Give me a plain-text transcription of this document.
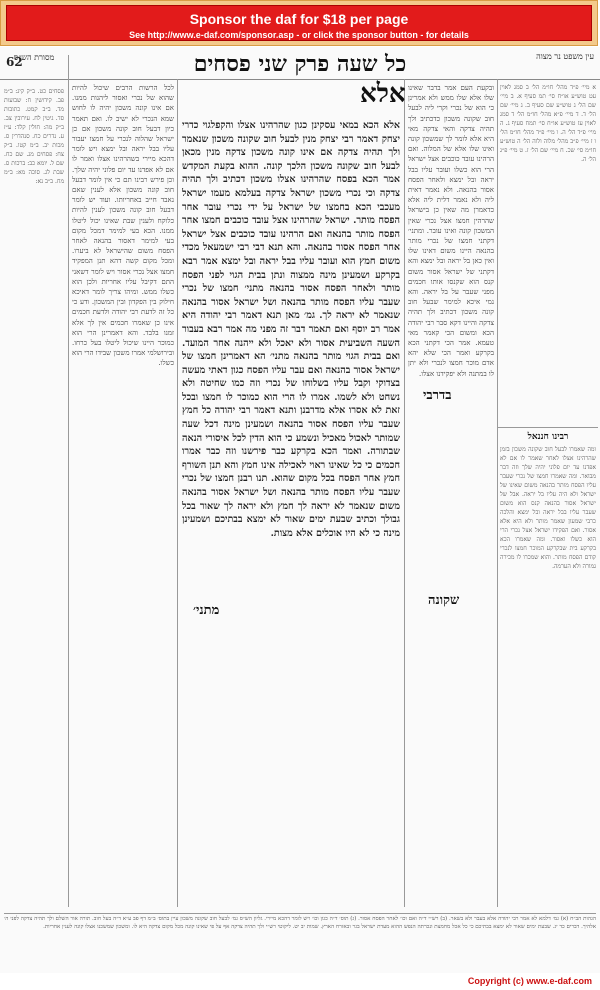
Sponsor the daf for $18 per page
See http://www.e-daf.com/sponsor.asp - or click the sponsor button - for details
62	כל שעה פרק שני פסחים	עין משפט נר מצוה
מסורת הש״ס
פסחים כט. ב״ק קיג: ב״מ פב. קידושין ח: שבועות מד. ב״ב קמט. כתובות סד. גיטין לח. עירובין צב. ב״ק מה: חולין קלד: ע״ז ע. נדרים כח. סנהדרין ס. מכות יב. ב״מ קטו. ב״ק צח: פסחים מג. שם כח. שם ל. יומא כב: ברכות ס. שבת לג. סוכה מא: ב״מ מח. ב״ב נא:
לכל הרשות הרבים שיכול להיות שהוא של נכרי ואסור ליהנות ממנו. אם אינו קונה משכון יהיה לו לחוש שמא הנכרי לא ישיב לו. ואם תאמר כיון דבעל חוב קונה משכון אם כן ישראל שהלוה לנכרי על חמצו יעבור עליו בבל יראה ובל ימצא ויש לומר דהכא מיירי בשהרהינו אצלו ואמר לו אם לא אפדנו עד יום פלוני יהיה שלך. וכן פירש רבינו תם כי אין לומר דבעל חוב קונה משכון אלא לענין שאם נאבד חייב באחריותו. ועוד יש לומר דבעל חוב קונה משכון לענין להיות כלוקח ולענין שבת שאינו יכול ליטלו ממנו. הכא בעי למימר דמכל מקום בעי למימר דאסור בהנאה לאחר הפסח משום שהישראל לא ביערו. ומכל מקום קשה דהא תנן המפקיד חמצו אצל נכרי אסור ויש לומר דשאני התם דקיבל עליו אחריות ולכן הוא כשלו ממש. ומיהו צריך לומר דאיכא חילוק בין הפקדון ובין המשכון. ודע כי כל זה לדעת רבי יהודה ולדעת חכמים אינו כן שאמרו חכמים אין לך אלא זמנו בלבד. והא דאמרינן הרי הוא כמוכר היינו שיכול ליטלו בעל כרחו. ובירושלמי אמרו משכון שבידו הרי הוא כשלו.
אלא
אלא הכא במאי עסקינן כגון שהרהינו אצלו והקפלגוי כדרי יצחק דאמר רבי יצחק מנין לבעל חוב שקונה משכון שנאמר ולך תהיה צדקה אם אינו קונה משכון צדקה מנין מכאן לבעל חוב שקונה משכון הלכך קונה. ההוא בקעת המקדש אמר הכא בפסח שהרהינו אצלו משכון דכתיב ולך תהיה צדקה וכי נכרי משכון ישראל צדקה בעלמא מעמו ישראל מעכבי הכא בחמצו של ישראל על ידי נכרי עובר אחר הפסח מותר. ישראל שהרהינו אצל עובד כוכבים חמצו אחר הפסח מותר בהנאה ואם הרהינו עובד כוכבים אצל ישראל אחר הפסח אסור בהנאה. והא תנא דבי רבי ישמעאל מכדי משום חמץ הוא ועובר עליו בבל יראה ובל ימצא אמר רבא בקרקע ושמעינן מינה ממצוה ונתן בבית הגוי לפני הפסח מותר ולאחר הפסח אסור בהנאה מתני׳ חמצו של נכרי שעבר עליו הפסח מותר בהנאה ושל ישראל אסור בהנאה שנאמר לא יראה לך. גמ׳ מאן תנא דאמר רבי יהודה היא אמר רב יוסף ואם תאמר דבר זה מפני מה אמר רבא בעבור השעה השביעית אסור ולא יאכל ולא ייהנה אחר המועד. ואם בבית הגוי מותר בהנאה מתני׳ הא דאמרינן חמצו של ישראל אסור בהנאה ואם עבר עליו הפסח כגון דאתי מעשה בצדוקי וקבל עליו בשלוחו של נכרי וזה כמו שחיטה ולא נשחט ולא לשמו. אמרו לו הרי הוא כמוכר לו חמצו ובכל זאת לא אסרו אלא מדרבנן ותנא דאמר רבי יהודה כל חמץ שעבר עליו הפסח אסור בהנאה ושמעינן מינה דכל שעה שמותר לאכול מאכיל ונשמע כי הוא הדין לכל איסורי הנאה שבתורה. ואמר הכא בקרקע כבר פירשנו וזה כבר אמרו חכמים כי כל שאינו ראוי לאכילה אינו חמץ והא תנן השורף חמץ אחר הפסח בכל מקום שהוא. תנו רבנן חמצו של נכרי שעבר עליו הפסח מותר בהנאה ושל ישראל אסור בהנאה משום שנאמר לא יראה לך חמץ ולא יראה לך שאור בכל גבולך וכתיב שבעת ימים שאור לא ימצא בבתיכם ושמעינן מינה כי לא היו אוכלים אלא מצות.
מתני׳
ובקעת העם אמר בדבר שאינו שלו אלא שלו ממש ולא אמרינן כי הוא של נכרי וקרי ליה לבעל חוב שקונה משכון כדכתיב ולך תהיה צדקה והאי צדקה מאי היא אלא לומר לך שמשכון קונה ואינו שלו אלא של המלוה. ואם הרהינו עובד כוכבים אצל ישראל הרי הוא כשלו ועובר עליו בבל יראה ובל ימצא ולאחר הפסח אסור בהנאה. ולא נאמר דאית ליה ולא נאמר דלית ליה אלא כדאמרן מה שאין כן בישראל שהרהין חמצו אצל נכרי שאין המשכון קונה ואינו עובר. ומתני׳ דקתני חמצו של נכרי מותר בהנאה היינו משום דאינו שלו ואין כאן בל יראה ובל ימצא והא דקתני של ישראל אסור משום קנס הוא שקנסו אותו חכמים מפני שעבר על בל יראה. והא נמי איכא למימר שבעל חוב קונה משכון דכתיב ולך תהיה צדקה והיינו דקא סבר רבי יהודה הכא ומשום הכי קאמר מאי טעמא. אמר הכי דקתני הכא בקרקע ואמר הכי שלא יהא אדם מוכר חמצו לנכרי ולא יתן לו במתנה ולא יפקידנו אצלו.
בדרבי
שקונה
א מיי׳ פ״ד מהל׳ חו״מ הל׳ ב סמג לאוין עט טוש״ע או״ח סי׳ תמ סעיף א. ב מיי׳ שם הל׳ ג טוש״ע שם סעיף ב. ג מיי׳ שם הל׳ ד. ד מיי׳ פ״א מהל׳ חו״מ הל׳ ד סמג לאוין עז טוש״ע או״ח סי׳ תמח סעיף ג. ה מיי׳ פ״ד הל׳ ה. ו מיי׳ פ״ד מהל׳ חו״מ הל׳ ו ז מיי׳ פ״ב מהל׳ מלוה ולוה הל׳ ה טוש״ע חו״מ סי׳ שכ. ח מיי׳ שם הל׳ ז. ט מיי׳ פ״ג הל׳ ה.
רבינו חננאל
ומה שאמרו לבעל חוב שקונה משכון בזמן שהרהינו אצלו לאחר שאמר לו אם לא אפדנו עד יום פלוני יהיה שלך וזה דבר מבואר. ומה שאמרו חמצו של נכרי שעבר עליו הפסח מותר בהנאה משום שאינו של ישראל ולא היה עליו בל יראה. אבל של ישראל אסור בהנאה קנס הוא משום שעבר עליו בבל יראה ובל ימצא והלכה כרבי שמעון שאמר מותר ולא היא אלא אסור. ואם הפקידו ישראל אצל נכרי הרי הוא כשלו ואסור. ומה שאמרו הכא בקרקע בית שבקרקע המוכר חמצו לנכרי קודם הפסח מותר. והוא שמכרו לו מכירה גמורה ולא הערמה.
הגהות הב״ח (א) גמ׳ דלמא לא אמר רבי יהודה אלא בעבר ולא בשאר. (ב) רש״י ד״ה ואם וכו׳ לאחר הפסח אסור. (ג) תוס׳ ד״ה כגון וכו׳ ויש לומר דהכא מיירי. גליון הש״ס גמ׳ לבעל חוב שקונה משכון עיין בתוס׳ ב״מ דף פב ע״א ד״ה בעל חוב. תורה אור השלם ולך תהיה צדקה לפני ה׳ אלהיך. דברים כד יג. שבעת ימים שאור לא ימצא בבתיכם כי כל אכל מחמצת ונכרתה הנפש ההוא מעדת ישראל בגר ובאזרח הארץ. שמות יב יט. ליקוטי רש״י ולך תהיה צדקה אף על פי שאינו קונה מכל מקום צדקה היא לו. ומשכון שמשכנו אצלו קונה לענין אחריות.
Copyright (c) www.e-daf.com
